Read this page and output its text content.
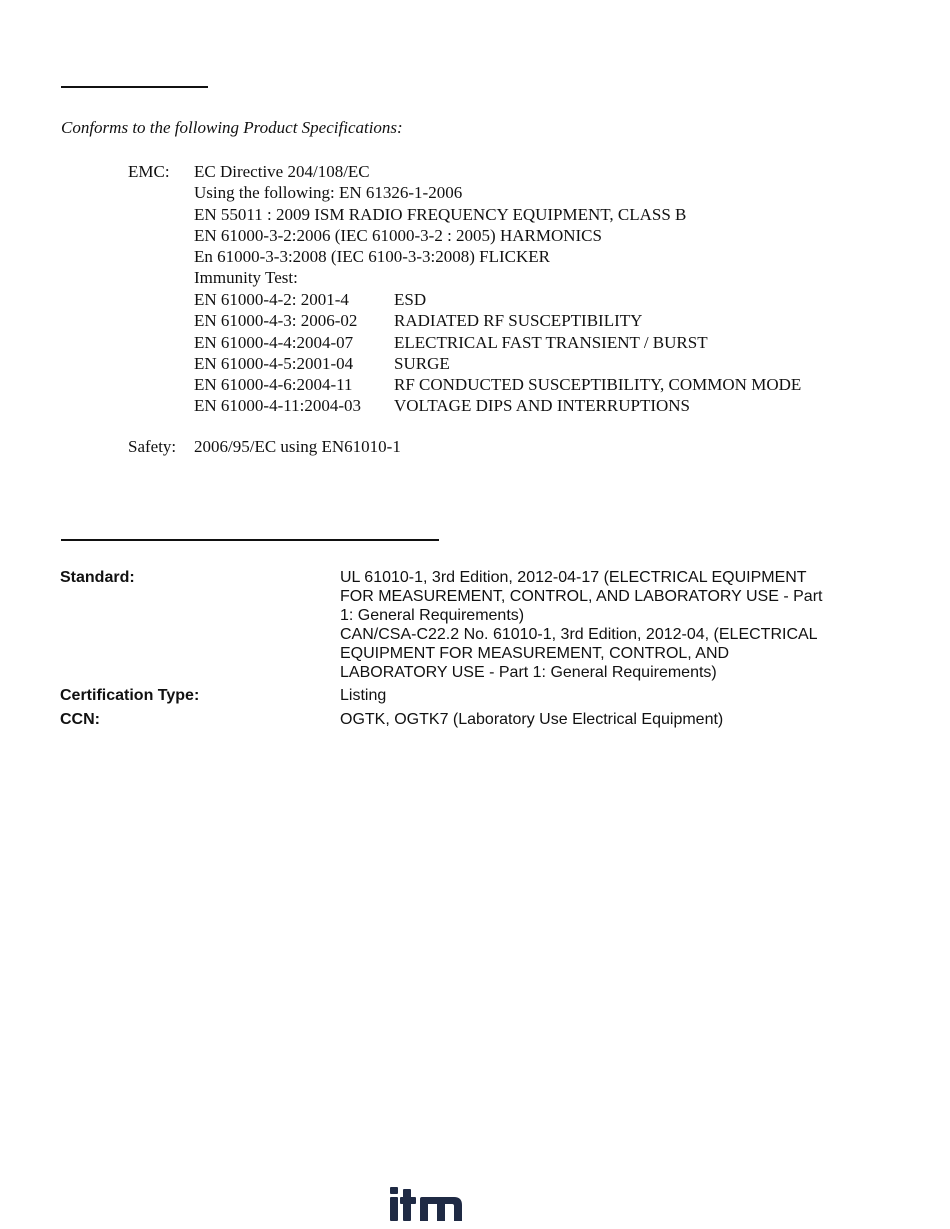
Conforms to the following Product Specifications:
EMC: EC Directive 204/108/EC
Using the following: EN 61326-1-2006
EN 55011 : 2009 ISM RADIO FREQUENCY EQUIPMENT, CLASS B
EN 61000-3-2:2006 (IEC 61000-3-2 : 2005) HARMONICS
En 61000-3-3:2008 (IEC 6100-3-3:2008) FLICKER
Immunity Test:
EN 61000-4-2: 2001-4	ESD
EN 61000-4-3: 2006-02 RADIATED RF SUSCEPTIBILITY
EN 61000-4-4:2004-07 ELECTRICAL FAST TRANSIENT / BURST
EN 61000-4-5:2001-04 SURGE
EN 61000-4-6:2004-11 RF CONDUCTED SUSCEPTIBILITY, COMMON MODE
EN 61000-4-11:2004-03 VOLTAGE DIPS AND INTERRUPTIONS
Safety: 2006/95/EC using EN61010-1
Standard:	UL 61010-1, 3rd Edition, 2012-04-17 (ELECTRICAL EQUIPMENT
FOR MEASUREMENT, CONTROL, AND LABORATORY USE - Part
1: General Requirements)
CAN/CSA-C22.2 No. 61010-1, 3rd Edition, 2012-04, (ELECTRICAL
EQUIPMENT FOR MEASUREMENT, CONTROL, AND
LABORATORY USE - Part 1: General Requirements)
Certification Type:	Listing
CCN:	OGTK, OGTK7 (Laboratory Use Electrical Equipment)
